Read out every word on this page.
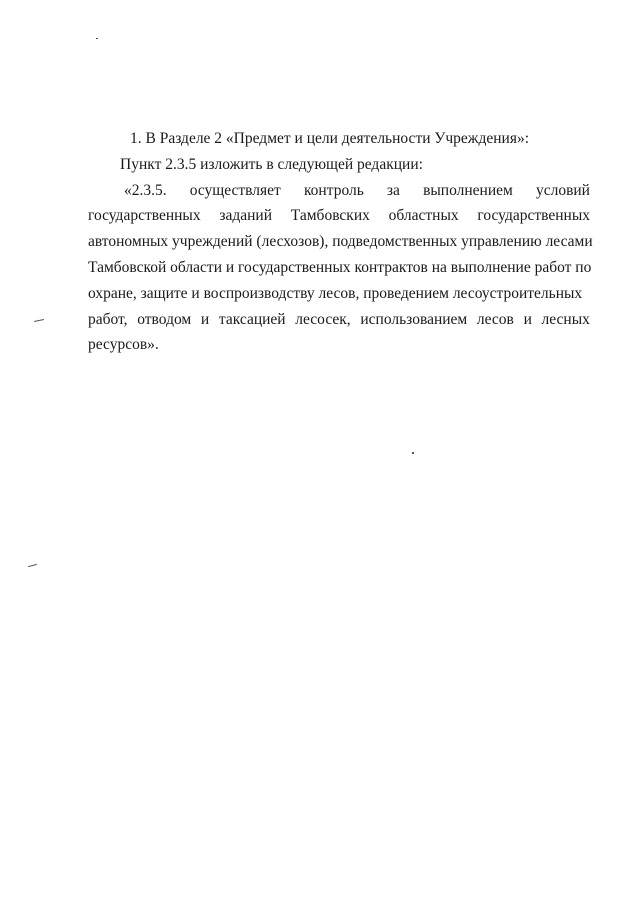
1. В Разделе 2 «Предмет и цели деятельности Учреждения»:
Пункт 2.3.5 изложить в следующей редакции:
«2.3.5. осуществляет контроль за выполнением условий
государственных заданий Тамбовских областных государственных
автономных учреждений (лесхозов), подведомственных управлению лесами
Тамбовской области и государственных контрактов на выполнение работ по
охране, защите и воспроизводству лесов, проведением лесоустроительных
работ, отводом и таксацией лесосек, использованием лесов и лесных
ресурсов».
